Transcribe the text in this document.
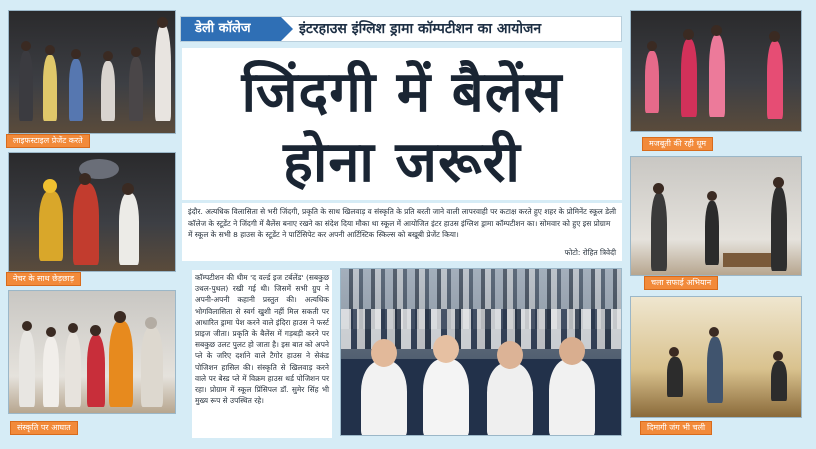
लाइफस्टाइल प्रेजेंट करते
नेचर के साथ छेड़छाड़
संस्कृति पर आघात
डेली कॉलेज	इंटरहाउस इंग्लिश ड्रामा कॉम्पटीशन का आयोजन
जिंदगी में बैलेंस
होना जरूरी
इंदौर. अत्यधिक विलासिता से भरी जिंदगी, प्रकृति के साथ खिलवाड़ व संस्कृति के प्रति बरती जाने वाली लापरवाही पर कटाक्ष करते हुए शहर के प्रोमिनेंट स्कूल डेली कॉलेज के स्टूडेंट ने जिंदगी में बैलेंस बनाए रखने का संदेश दिया मौका था स्कूल में आयोजित इंटर हाउस इंग्लिश ड्रामा कॉम्पटीशन का। सोमवार को हुए इस प्रोग्राम में स्कूल के सभी 8 हाउस के स्टूडेंट ने पार्टिसिपेट कर अपनी आर्टिस्टिक स्किल्स को बखूबी प्रेजेंट किया।
फोटो: रोहित त्रिवेदी
कॉम्पटीशन की थीम 'द वर्ल्ड इज टर्बलेंड' (सबकुछ उथल-पुथल) रखी गई थी। जिसमें सभी ग्रुप ने अपनी-अपनी कहानी प्रस्तुत की। अत्यधिक भोगविलासिता से स्वर्ग खुशी नहीं मिल सकती पर आधारित ड्रामा पेश करने वाले इंदिरा हाउस ने फर्स्ट प्राइज जीता। प्रकृति के बैलेंस में गड़बड़ी करने पर सबकुछ उलट पुलट हो जाता है। इस बात को अपने प्ले के जरिए दर्शाने वाले टैगोर हाउस ने सेकंड पोजिशन हासिल की। संस्कृति से खिलवाड़ करने वाले पर बेस्ड प्ले में विक्रम हाउस थर्ड पोजिशन पर रहा। प्रोग्राम में स्कूल प्रिंसिपल डॉ. सुमेर सिंह भी मुख्य रूप से उपस्थित रहे।
मजबूती की रही धूम
चला सफाई अभियान
दिमागी जंग भी चली
